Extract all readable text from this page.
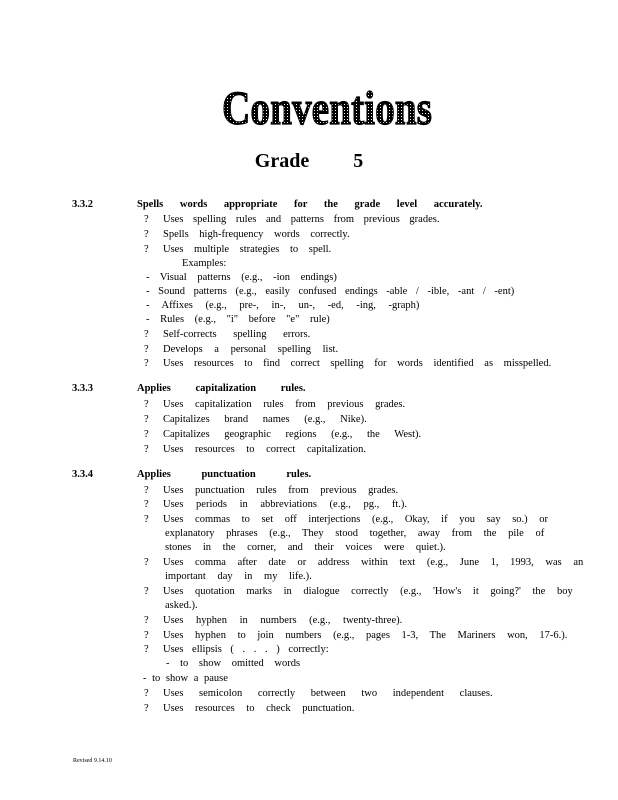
Conventions
Grade 5
3.3.2	Spells words appropriate for the grade level accurately.
? Uses spelling rules and patterns from previous grades.
? Spells high-frequency words correctly.
? Uses multiple strategies to spell.
Examples:
- Visual patterns (e.g., -ion endings)
- Sound patterns (e.g., easily confused endings -able / -ible, -ant / -ent)
- Affixes (e.g., pre-, in-, un-, -ed, -ing, -graph)
- Rules (e.g., "i" before "e" rule)
? Self-corrects spelling errors.
? Develops a personal spelling list.
? Uses resources to find correct spelling for words identified as misspelled.
3.3.3	Applies capitalization rules.
? Uses capitalization rules from previous grades.
? Capitalizes brand names (e.g., Nike).
? Capitalizes geographic regions (e.g., the West).
? Uses resources to correct capitalization.
3.3.4	Applies punctuation rules.
? Uses punctuation rules from previous grades.
? Uses periods in abbreviations (e.g., pg., ft.).
? Uses commas to set off interjections (e.g., Okay, if you say so.) or
explanatory phrases (e.g., They stood together, away from the pile of
stones in the corner, and their voices were quiet.).
? Uses comma after date or address within text (e.g., June 1, 1993, was an
important day in my life.).
? Uses quotation marks in dialogue correctly (e.g., 'How's it going?' the boy
asked.).
? Uses hyphen in numbers (e.g., twenty-three).
? Uses hyphen to join numbers (e.g., pages 1-3, The Mariners won, 17-6.).
? Uses ellipsis ( . . . ) correctly:
- to show omitted words
- to show a pause
? Uses semicolon correctly between two independent clauses.
? Uses resources to check punctuation.
Revised 9.14.10
